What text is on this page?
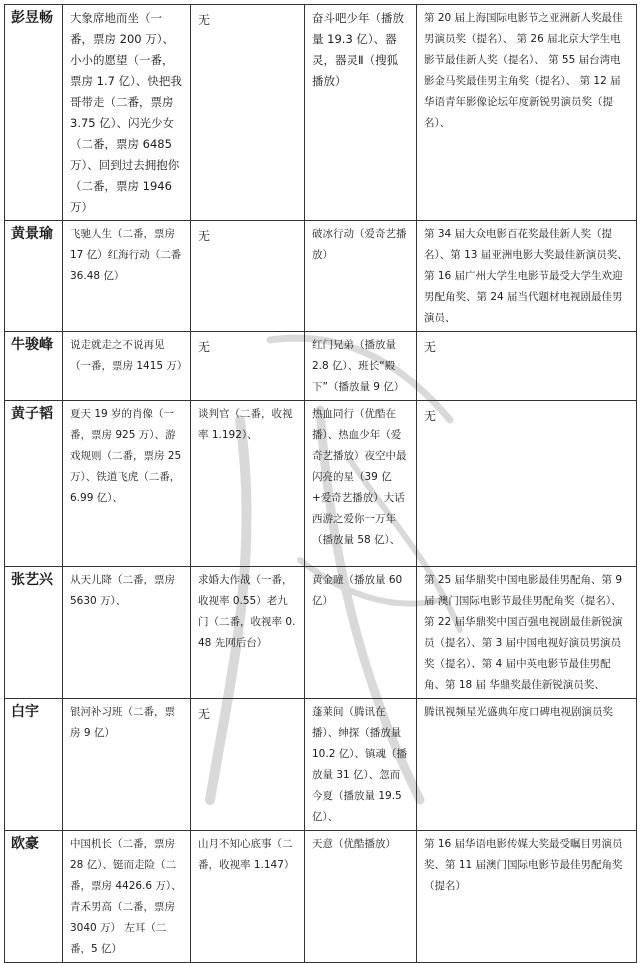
彭昱畅	大象席地而坐（一番，票房 200 万）、小小的愿望（一番，票房 1.7 亿）、快把我哥带走（二番，票房 3.75 亿）、闪光少女（二番，票房 6485 万）、回到过去拥抱你（二番，票房 1946 万）	无	奋斗吧少年（播放量 19.3 亿）、器灵，器灵Ⅱ（搜狐播放）	第 20 届上海国际电影节之亚洲新人奖最佳男演员奖（提名）、 第 26 届北京大学生电影节最佳新人奖（提名）、 第 55 届台湾电影金马奖最佳男主角奖（提名）、 第 12 届华语青年影像论坛年度新锐男演员奖（提名）、
黄景瑜	飞驰人生（二番，票房 17 亿）红海行动（二番 36.48 亿）	无	破冰行动（爱奇艺播放）	第 34 届大众电影百花奖最佳新人奖（提名）、第 13 届亚洲电影大奖最佳新演员奖、第 16 届广州大学生电影节最受大学生欢迎男配角奖、第 24 届当代题材电视剧最佳男演员、
牛骏峰	说走就走之不说再见（一番，票房 1415 万）	无	红门兄弟（播放量 2.8 亿）、班长“殿下”（播放量 9 亿）	无
黄子韬	夏天 19 岁的肖像（一番，票房 925 万）、游戏规则（二番，票房 25 万）、铁道飞虎（二番，6.99 亿）、	谈判官（二番，收视率 1.192）、	热血同行（优酷在播）、热血少年（爱奇艺播放）夜空中最闪亮的星（39 亿+爱奇艺播放）大话西游之爱你一万年（播放量 58 亿）、	无
张艺兴	从天儿降（二番，票房 5630 万）、	求婚大作战（一番，收视率 0.55）老九门（二番，收视率 0.48 先网后台）	黄金瞳（播放量 60 亿）	第 25 届华鼎奖中国电影最佳男配角、第 9 届 澳门国际电影节最佳男配角奖（提名）、第 22 届华鼎奖中国百强电视剧最佳新锐演员（提名）、第 3 届中国电视好演员男演员奖（提名）、第 4 届中英电影节最佳男配角、第 18 届 华鼎奖最佳新锐演员奖、
白宇	银河补习班（二番，票房 9 亿）	无	蓬莱间（腾讯在播）、绅探（播放量 10.2 亿）、镇魂（播放量 31 亿）、忽而今夏（播放量 19.5 亿）、	腾讯视频星光盛典年度口碑电视剧演员奖
欧豪	中国机长（二番，票房 28 亿）、铤而走险（二番，票房 4426.6 万）、青禾男高（二番，票房 3040 万） 左耳（二番，5 亿）	山月不知心底事（二番，收视率 1.147）	天意（优酷播放）	第 16 届华语电影传媒大奖最受瞩目男演员奖、第 11 届澳门国际电影节最佳男配角奖（提名）
